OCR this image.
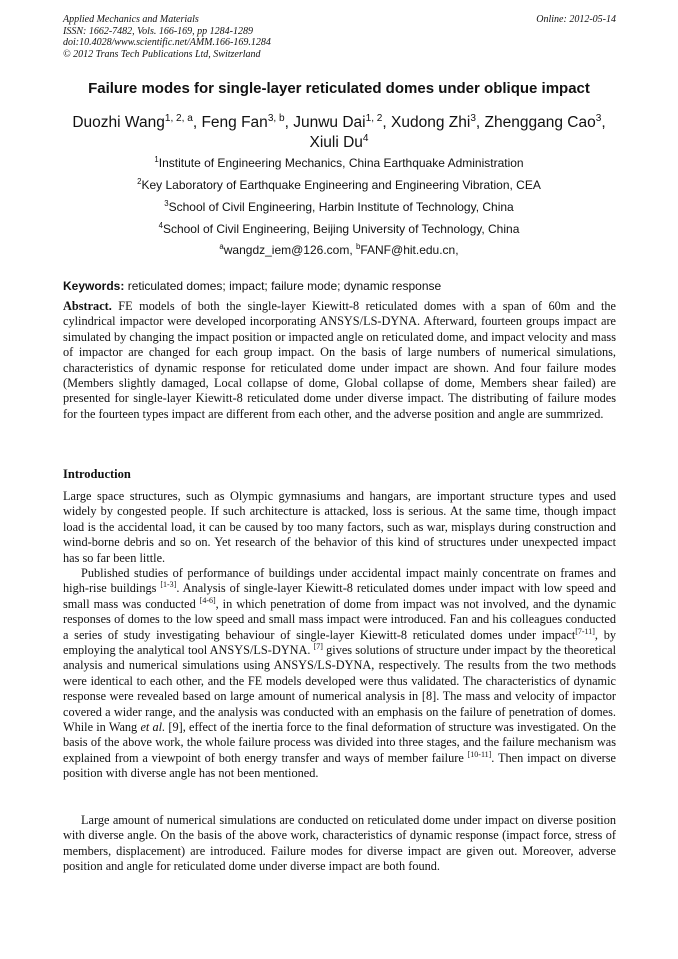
Applied Mechanics and Materials
ISSN: 1662-7482, Vols. 166-169, pp 1284-1289
doi:10.4028/www.scientific.net/AMM.166-169.1284
© 2012 Trans Tech Publications Ltd, Switzerland
Online: 2012-05-14
Failure modes for single-layer reticulated domes under oblique impact
Duozhi Wang$^{1, 2, a}$, Feng Fan$^{3, b}$, Junwu Dai$^{1, 2}$, Xudong Zhi$^3$, Zhenggang Cao$^3$,
Xiuli Du$^4$
$^1$Institute of Engineering Mechanics, China Earthquake Administration
$^2$Key Laboratory of Earthquake Engineering and Engineering Vibration, CEA
$^3$School of Civil Engineering, Harbin Institute of Technology, China
$^4$School of Civil Engineering, Beijing University of Technology, China
$^a$wangdz_iem@126.com, $^b$FANF@hit.edu.cn,
Keywords: reticulated domes; impact; failure mode; dynamic response
Abstract. FE models of both the single-layer Kiewitt-8 reticulated domes with a span of 60m and the cylindrical impactor were developed incorporating ANSYS/LS-DYNA. Afterward, fourteen groups impact are simulated by changing the impact position or impacted angle on reticulated dome, and impact velocity and mass of impactor are changed for each group impact. On the basis of large numbers of numerical simulations, characteristics of dynamic response for reticulated dome under impact are shown. And four failure modes (Members slightly damaged, Local collapse of dome, Global collapse of dome, Members shear failed) are presented for single-layer Kiewitt-8 reticulated dome under diverse impact. The distributing of failure modes for the fourteen types impact are different from each other, and the adverse position and angle are summrized.
Introduction
Large space structures, such as Olympic gymnasiums and hangars, are important structure types and used widely by congested people. If such architecture is attacked, loss is serious. At the same time, though impact load is the accidental load, it can be caused by too many factors, such as war, misplays during construction and wind-borne debris and so on. Yet research of the behavior of this kind of structures under unexpected impact has so far been little.
Published studies of performance of buildings under accidental impact mainly concentrate on frames and high-rise buildings [1-3]. Analysis of single-layer Kiewitt-8 reticulated domes under impact with low speed and small mass was conducted [4-6], in which penetration of dome from impact was not involved, and the dynamic responses of domes to the low speed and small mass impact were introduced. Fan and his colleagues conducted a series of study investigating behaviour of single-layer Kiewitt-8 reticulated domes under impact[7-11], by employing the analytical tool ANSYS/LS-DYNA. [7] gives solutions of structure under impact by the theoretical analysis and numerical simulations using ANSYS/LS-DYNA, respectively. The results from the two methods were identical to each other, and the FE models developed were thus validated. The characteristics of dynamic response were revealed based on large amount of numerical analysis in [8]. The mass and velocity of impactor covered a wider range, and the analysis was conducted with an emphasis on the failure of penetration of domes. While in Wang et al. [9], effect of the inertia force to the final deformation of structure was investigated. On the basis of the above work, the whole failure process was divided into three stages, and the failure mechanism was explained from a viewpoint of both energy transfer and ways of member failure [10-11]. Then impact on diverse position with diverse angle has not been mentioned.
Large amount of numerical simulations are conducted on reticulated dome under impact on diverse position with diverse angle. On the basis of the above work, characteristics of dynamic response (impact force, stress of members, displacement) are introduced. Failure modes for diverse impact are given out. Moreover, adverse position and angle for reticulated dome under diverse impact are both found.
